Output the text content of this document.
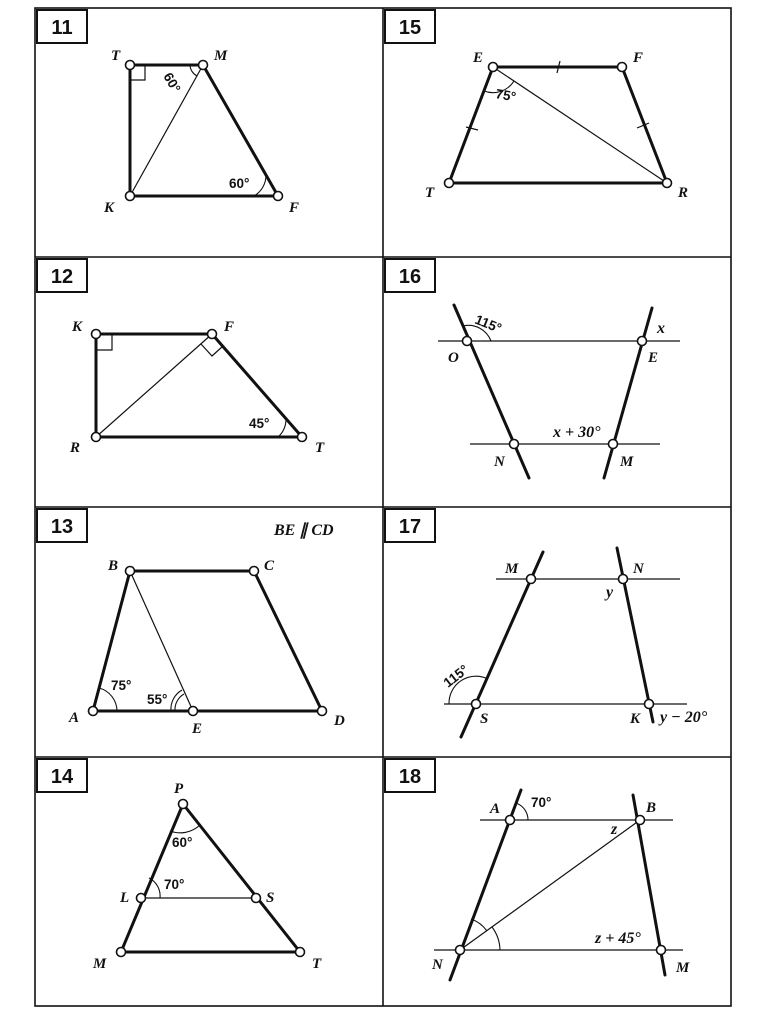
11
T	M
K	F
60°
60°
15
E	F
T	R
75°
12
K	F
R	T
45°
16
O	E
N	M
115°	x
x + 30°
13	BE ∥ CD
B	C
A
E	D
75°
55°
17
M	N
S	K
115°
y
y − 20°
14
P
L	S
M	T
60°
70°
18
A	B
N	M
70°
z
z + 45°
